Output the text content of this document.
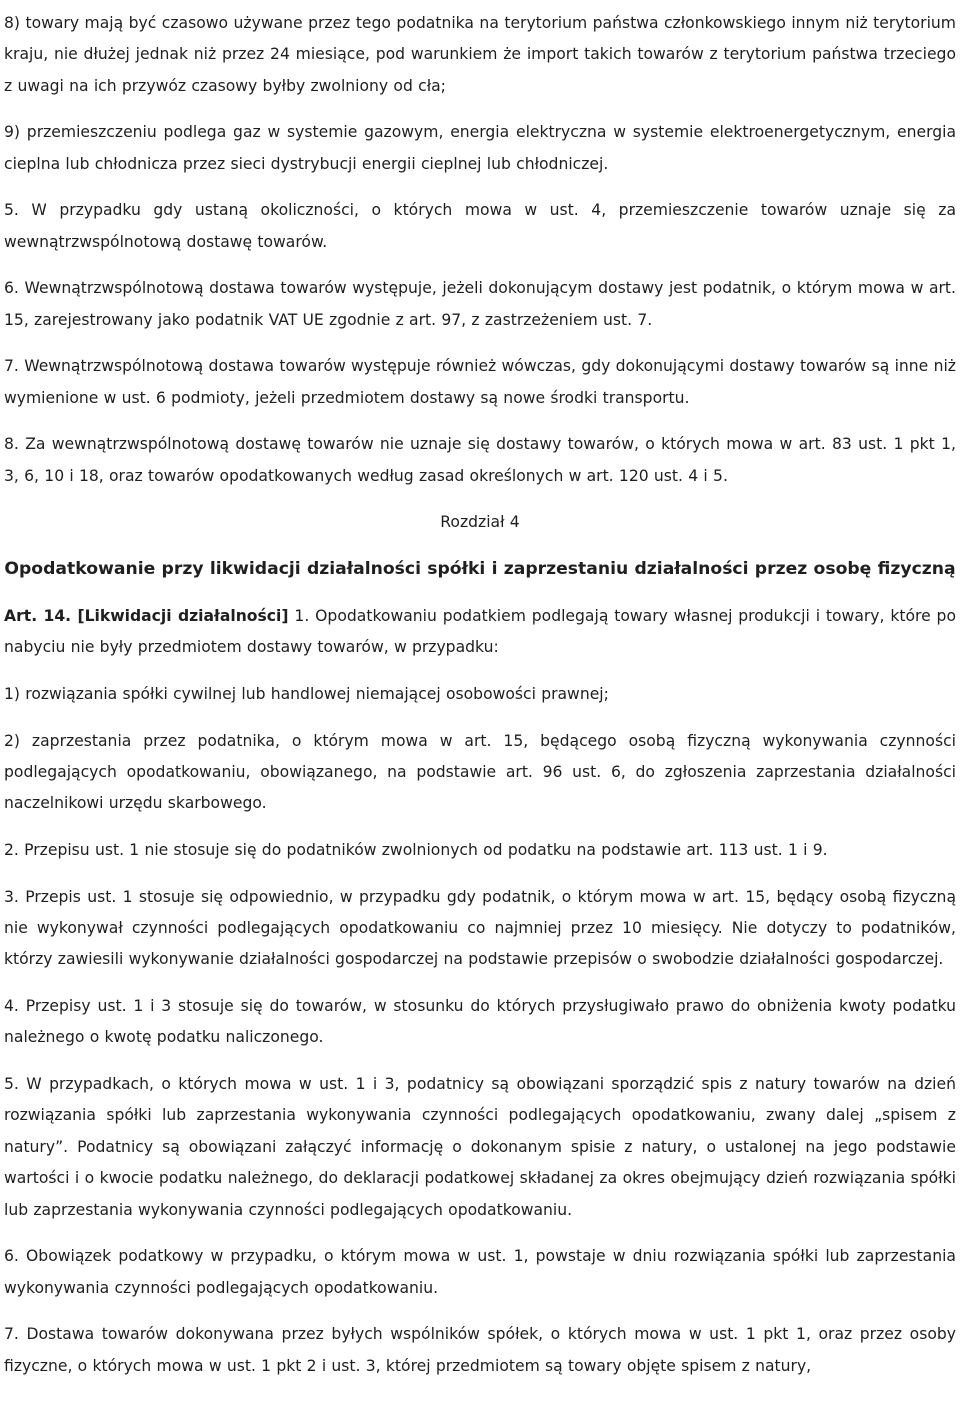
8) towary mają być czasowo używane przez tego podatnika na terytorium państwa członkowskiego innym niż terytorium kraju, nie dłużej jednak niż przez 24 miesiące, pod warunkiem że import takich towarów z terytorium państwa trzeciego z uwagi na ich przywóz czasowy byłby zwolniony od cła;

9) przemieszczeniu podlega gaz w systemie gazowym, energia elektryczna w systemie elektroenergetycznym, energia cieplna lub chłodnicza przez sieci dystrybucji energii cieplnej lub chłodniczej.

5. W przypadku gdy ustaną okoliczności, o których mowa w ust. 4, przemieszczenie towarów uznaje się za wewnątrzwspólnotową dostawę towarów.

6. Wewnątrzwspólnotową dostawa towarów występuje, jeżeli dokonującym dostawy jest podatnik, o którym mowa w art. 15, zarejestrowany jako podatnik VAT UE zgodnie z art. 97, z zastrzeżeniem ust. 7.

7. Wewnątrzwspólnotową dostawa towarów występuje również wówczas, gdy dokonującymi dostawy towarów są inne niż wymienione w ust. 6 podmioty, jeżeli przedmiotem dostawy są nowe środki transportu.

8. Za wewnątrzwspólnotową dostawę towarów nie uznaje się dostawy towarów, o których mowa w art. 83 ust. 1 pkt 1, 3, 6, 10 i 18, oraz towarów opodatkowanych według zasad określonych w art. 120 ust. 4 i 5.

Rozdział 4

Opodatkowanie przy likwidacji działalności spółki i zaprzestaniu działalności przez osobę fizyczną

Art. 14. [Likwidacji działalności] 1. Opodatkowaniu podatkiem podlegają towary własnej produkcji i towary, które po nabyciu nie były przedmiotem dostawy towarów, w przypadku:

1) rozwiązania spółki cywilnej lub handlowej niemającej osobowości prawnej;

2) zaprzestania przez podatnika, o którym mowa w art. 15, będącego osobą fizyczną wykonywania czynności podlegających opodatkowaniu, obowiązanego, na podstawie art. 96 ust. 6, do zgłoszenia zaprzestania działalności naczelnikowi urzędu skarbowego.

2. Przepisu ust. 1 nie stosuje się do podatników zwolnionych od podatku na podstawie art. 113 ust. 1 i 9.

3. Przepis ust. 1 stosuje się odpowiednio, w przypadku gdy podatnik, o którym mowa w art. 15, będący osobą fizyczną nie wykonywał czynności podlegających opodatkowaniu co najmniej przez 10 miesięcy. Nie dotyczy to podatników, którzy zawiesili wykonywanie działalności gospodarczej na podstawie przepisów o swobodzie działalności gospodarczej.

4. Przepisy ust. 1 i 3 stosuje się do towarów, w stosunku do których przysługiwało prawo do obniżenia kwoty podatku należnego o kwotę podatku naliczonego.

5. W przypadkach, o których mowa w ust. 1 i 3, podatnicy są obowiązani sporządzić spis z natury towarów na dzień rozwiązania spółki lub zaprzestania wykonywania czynności podlegających opodatkowaniu, zwany dalej „spisem z natury”. Podatnicy są obowiązani załączyć informację o dokonanym spisie z natury, o ustalonej na jego podstawie wartości i o kwocie podatku należnego, do deklaracji podatkowej składanej za okres obejmujący dzień rozwiązania spółki lub zaprzestania wykonywania czynności podlegających opodatkowaniu.

6. Obowiązek podatkowy w przypadku, o którym mowa w ust. 1, powstaje w dniu rozwiązania spółki lub zaprzestania wykonywania czynności podlegających opodatkowaniu.

7. Dostawa towarów dokonywana przez byłych wspólników spółek, o których mowa w ust. 1 pkt 1, oraz przez osoby fizyczne, o których mowa w ust. 1 pkt 2 i ust. 3, której przedmiotem są towary objęte spisem z natury,
